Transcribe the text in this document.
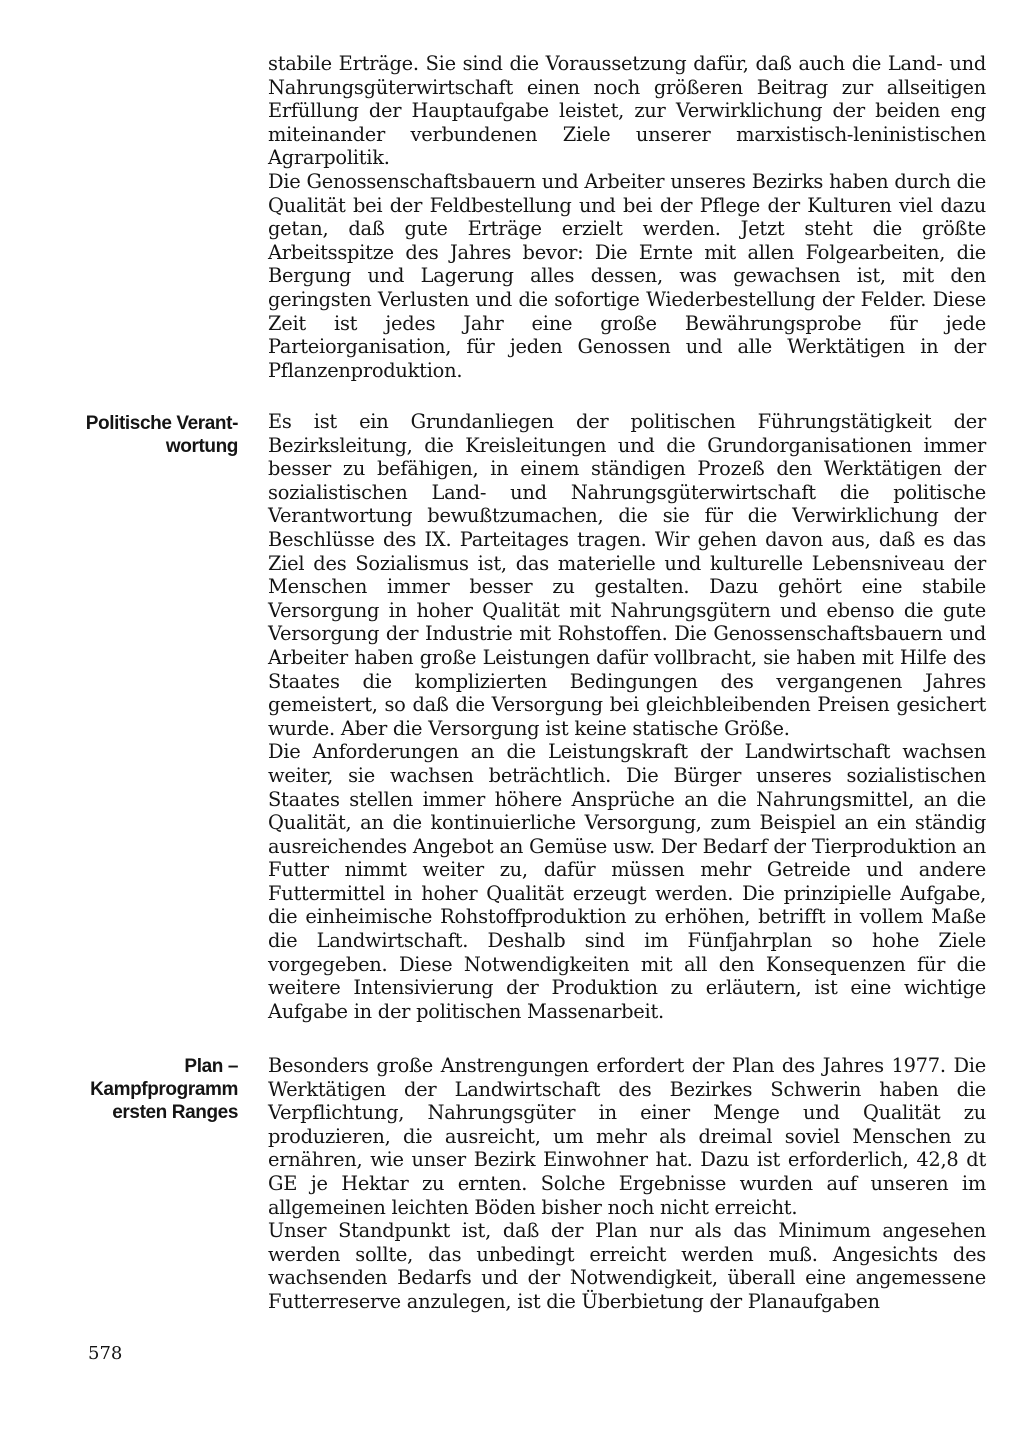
stabile Erträge. Sie sind die Voraussetzung dafür, daß auch die Land- und Nahrungsgüterwirtschaft einen noch größeren Beitrag zur allseitigen Erfüllung der Hauptaufgabe leistet, zur Verwirklichung der beiden eng miteinander verbundenen Ziele unserer marxistisch-leninistischen Agrarpolitik.

Die Genossenschaftsbauern und Arbeiter unseres Bezirks haben durch die Qualität bei der Feldbestellung und bei der Pflege der Kulturen viel dazu getan, daß gute Erträge erzielt werden. Jetzt steht die größte Arbeitsspitze des Jahres bevor: Die Ernte mit allen Folgearbeiten, die Bergung und Lagerung alles dessen, was gewachsen ist, mit den geringsten Verlusten und die sofortige Wiederbestellung der Felder. Diese Zeit ist jedes Jahr eine große Bewährungsprobe für jede Parteiorganisation, für jeden Genossen und alle Werktätigen in der Pflanzenproduktion.

Politische Verant-
wortung

Es ist ein Grundanliegen der politischen Führungstätigkeit der Bezirksleitung, die Kreisleitungen und die Grundorganisationen immer besser zu befähigen, in einem ständigen Prozeß den Werktätigen der sozialistischen Land- und Nahrungsgüterwirtschaft die politische Verantwortung bewußtzumachen, die sie für die Verwirklichung der Beschlüsse des IX. Parteitages tragen. Wir gehen davon aus, daß es das Ziel des Sozialismus ist, das materielle und kulturelle Lebensniveau der Menschen immer besser zu gestalten. Dazu gehört eine stabile Versorgung in hoher Qualität mit Nahrungsgütern und ebenso die gute Versorgung der Industrie mit Rohstoffen. Die Genossenschaftsbauern und Arbeiter haben große Leistungen dafür vollbracht, sie haben mit Hilfe des Staates die komplizierten Bedingungen des vergangenen Jahres gemeistert, so daß die Versorgung bei gleichbleibenden Preisen gesichert wurde. Aber die Versorgung ist keine statische Größe.

Die Anforderungen an die Leistungskraft der Landwirtschaft wachsen weiter, sie wachsen beträchtlich. Die Bürger unseres sozialistischen Staates stellen immer höhere Ansprüche an die Nahrungsmittel, an die Qualität, an die kontinuierliche Versorgung, zum Beispiel an ein ständig ausreichendes Angebot an Gemüse usw. Der Bedarf der Tierproduktion an Futter nimmt weiter zu, dafür müssen mehr Getreide und andere Futtermittel in hoher Qualität erzeugt werden. Die prinzipielle Aufgabe, die einheimische Rohstoffproduktion zu erhöhen, betrifft in vollem Maße die Landwirtschaft. Deshalb sind im Fünfjahrplan so hohe Ziele vorgegeben. Diese Notwendigkeiten mit all den Konsequenzen für die weitere Intensivierung der Produktion zu erläutern, ist eine wichtige Aufgabe in der politischen Massenarbeit.

Plan –
Kampfprogramm
ersten Ranges

Besonders große Anstrengungen erfordert der Plan des Jahres 1977. Die Werktätigen der Landwirtschaft des Bezirkes Schwerin haben die Verpflichtung, Nahrungsgüter in einer Menge und Qualität zu produzieren, die ausreicht, um mehr als dreimal soviel Menschen zu ernähren, wie unser Bezirk Einwohner hat. Dazu ist erforderlich, 42,8 dt GE je Hektar zu ernten. Solche Ergebnisse wurden auf unseren im allgemeinen leichten Böden bisher noch nicht erreicht.

Unser Standpunkt ist, daß der Plan nur als das Minimum angesehen werden sollte, das unbedingt erreicht werden muß. Angesichts des wachsenden Bedarfs und der Notwendigkeit, überall eine angemessene Futterreserve anzulegen, ist die Überbietung der Planaufgaben

578
